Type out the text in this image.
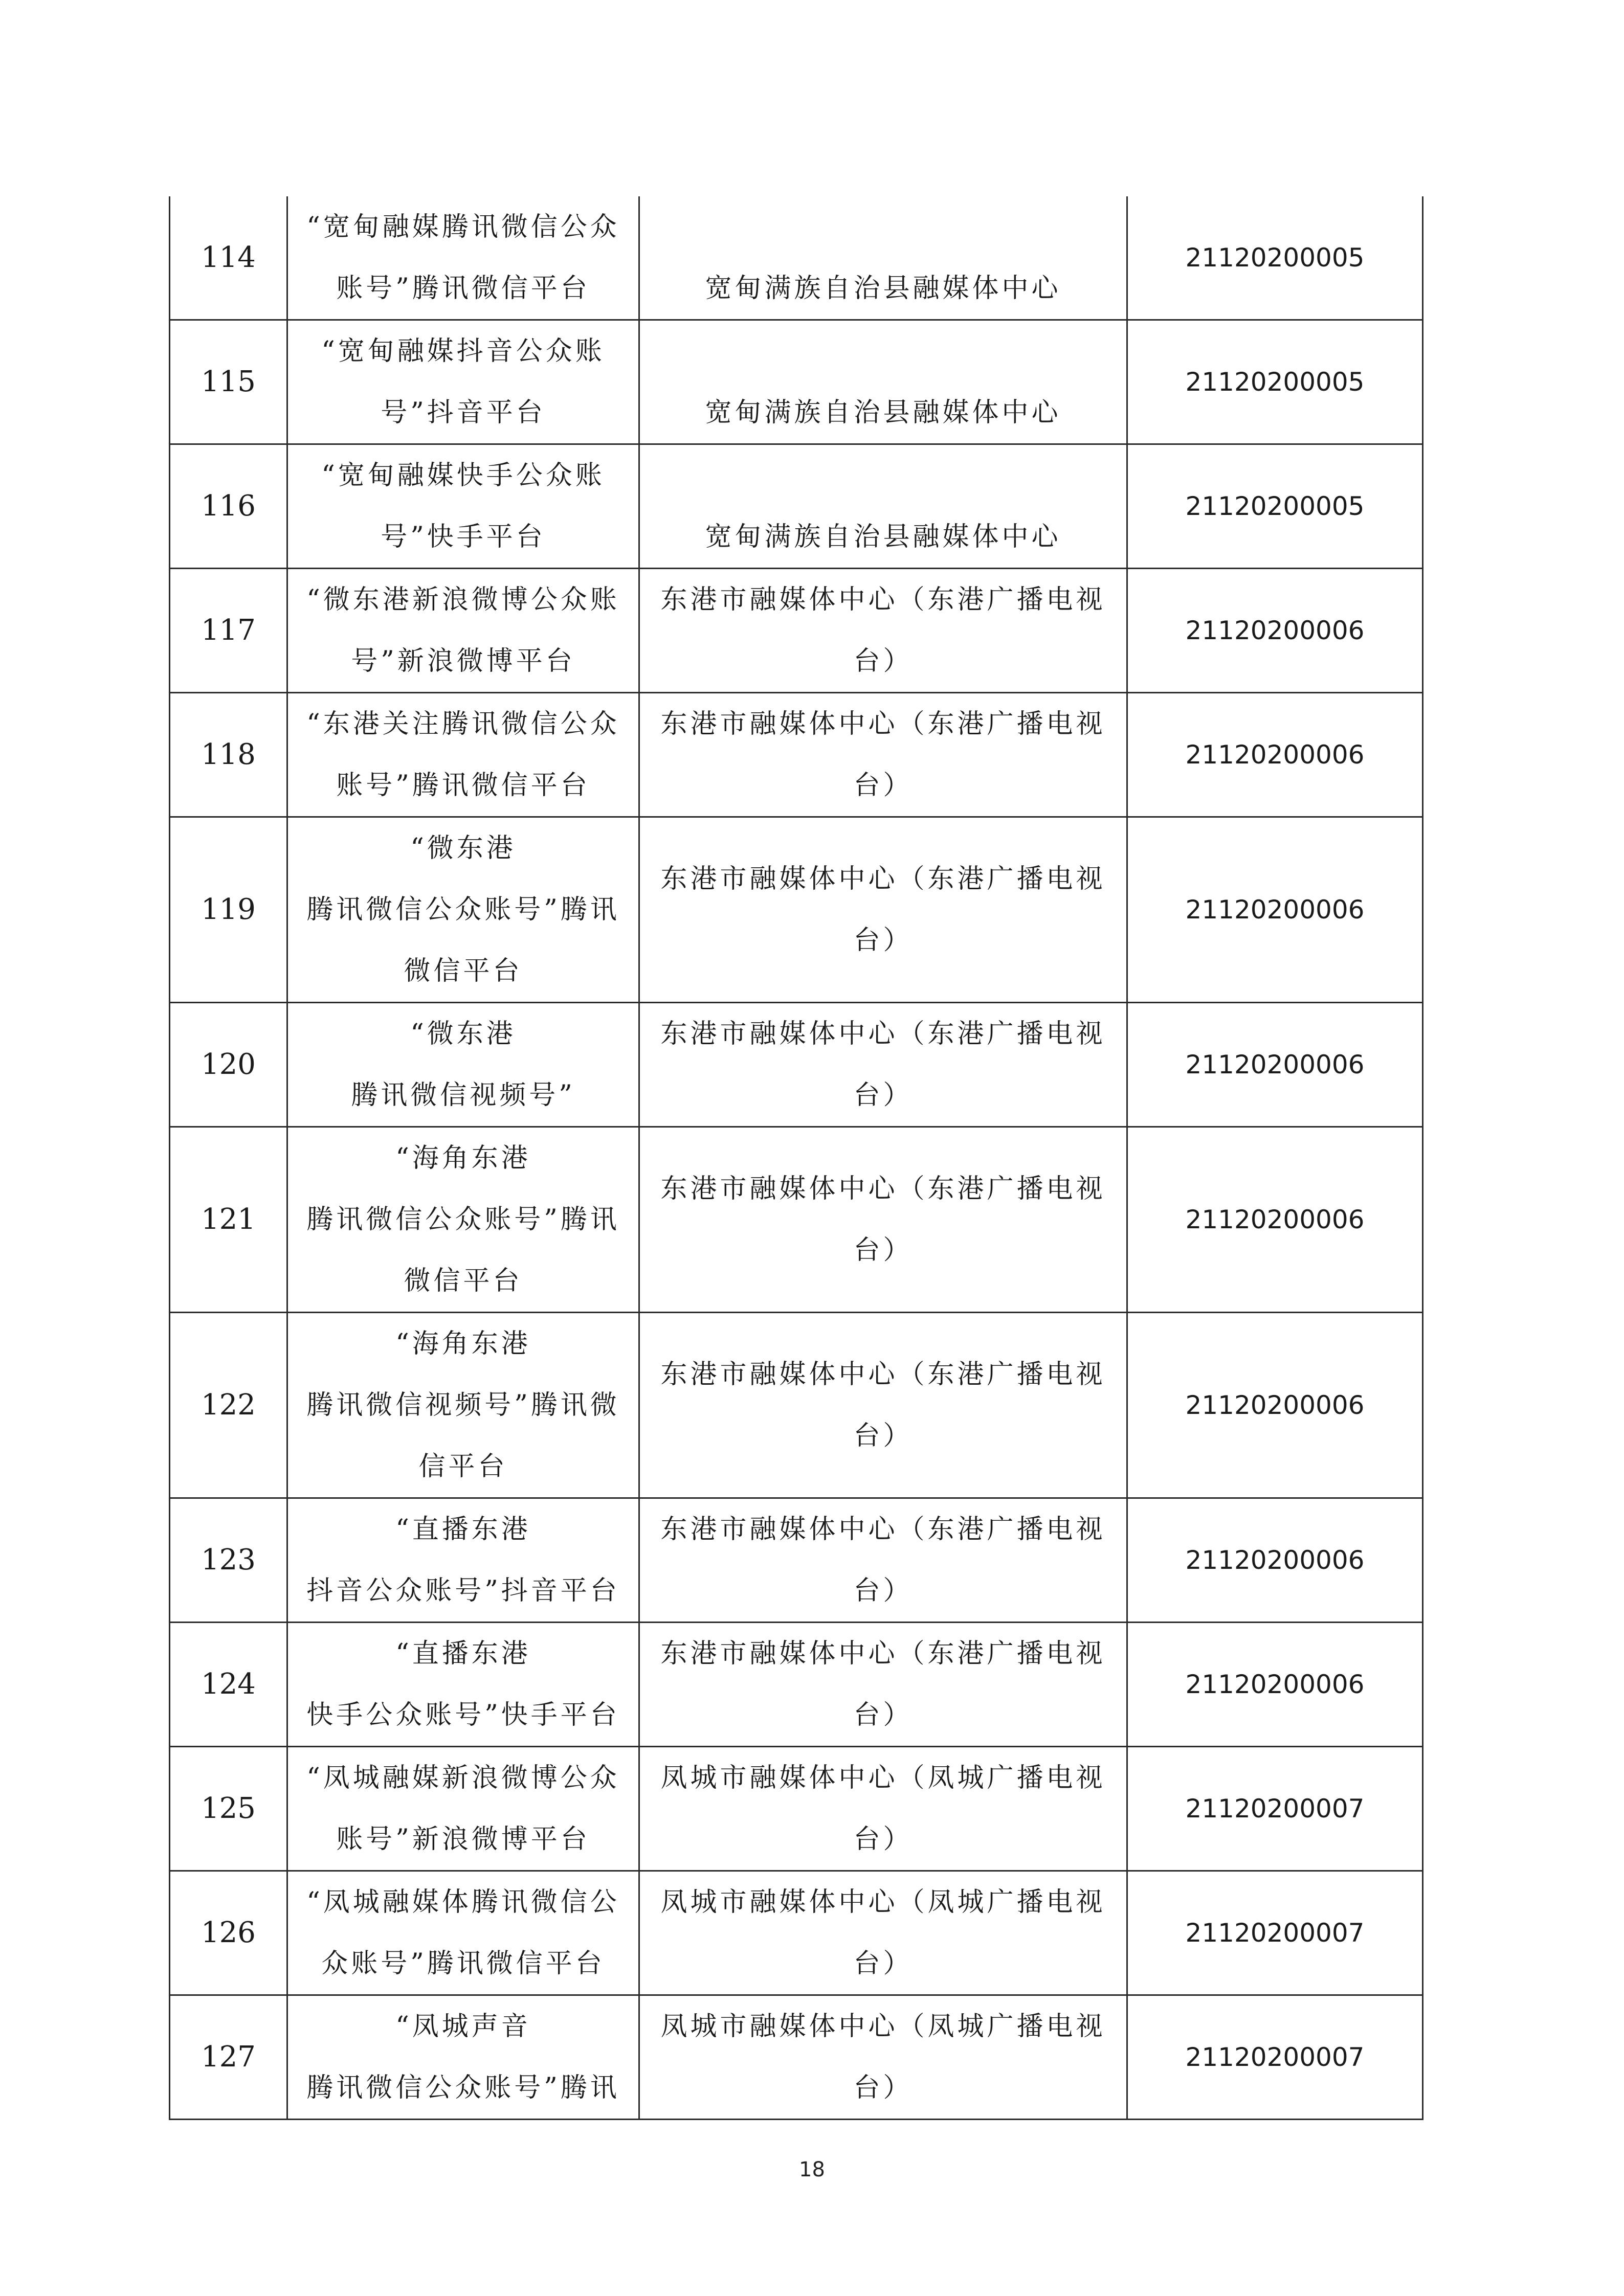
114	“宽甸融媒腾讯微信公众
账号”腾讯微信平台	宽甸满族自治县融媒体中心	21120200005
115	“宽甸融媒抖音公众账
号”抖音平台	宽甸满族自治县融媒体中心	21120200005
116	“宽甸融媒快手公众账
号”快手平台	宽甸满族自治县融媒体中心	21120200005
117	“微东港新浪微博公众账
号”新浪微博平台	东港市融媒体中心（东港广播电视
台）	21120200006
118	“东港关注腾讯微信公众
账号”腾讯微信平台	东港市融媒体中心（东港广播电视
台）	21120200006
119	“微东港
腾讯微信公众账号”腾讯
微信平台	东港市融媒体中心（东港广播电视
台）	21120200006
120	“微东港
腾讯微信视频号”	东港市融媒体中心（东港广播电视
台）	21120200006
121	“海角东港
腾讯微信公众账号”腾讯
微信平台	东港市融媒体中心（东港广播电视
台）	21120200006
122	“海角东港
腾讯微信视频号”腾讯微
信平台	东港市融媒体中心（东港广播电视
台）	21120200006
123	“直播东港
抖音公众账号”抖音平台	东港市融媒体中心（东港广播电视
台）	21120200006
124	“直播东港
快手公众账号”快手平台	东港市融媒体中心（东港广播电视
台）	21120200006
125	“凤城融媒新浪微博公众
账号”新浪微博平台	凤城市融媒体中心（凤城广播电视
台）	21120200007
126	“凤城融媒体腾讯微信公
众账号”腾讯微信平台	凤城市融媒体中心（凤城广播电视
台）	21120200007
127	“凤城声音
腾讯微信公众账号”腾讯	凤城市融媒体中心（凤城广播电视
台）	21120200007
18
